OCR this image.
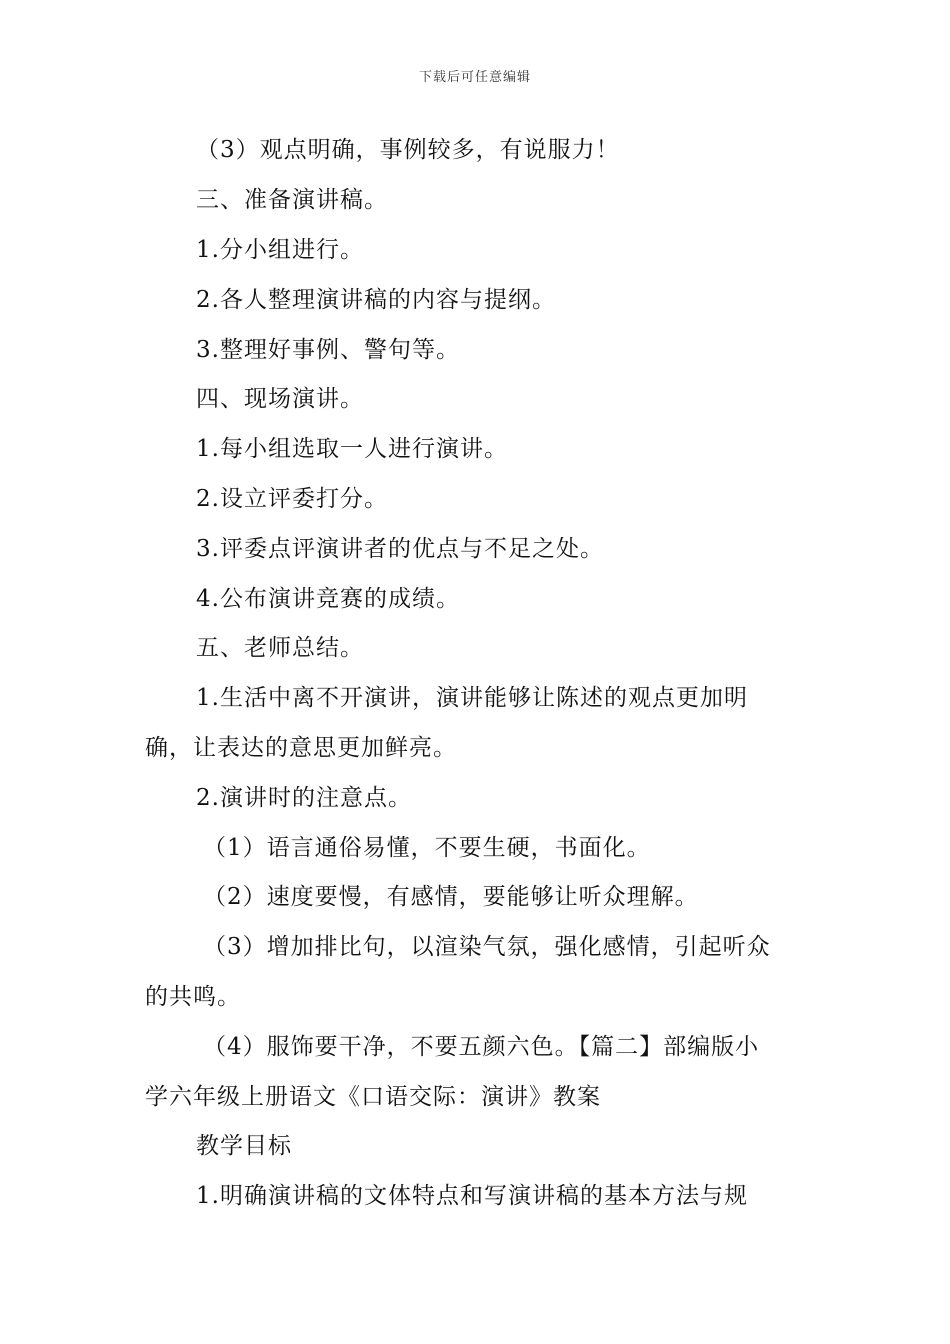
下载后可任意编辑
（3）观点明确，事例较多，有说服力！
三、准备演讲稿。
1.分小组进行。
2.各人整理演讲稿的内容与提纲。
3.整理好事例、警句等。
四、现场演讲。
1.每小组选取一人进行演讲。
2.设立评委打分。
3.评委点评演讲者的优点与不足之处。
4.公布演讲竞赛的成绩。
五、老师总结。
1.生活中离不开演讲，演讲能够让陈述的观点更加明
确，让表达的意思更加鲜亮。
2.演讲时的注意点。
（1）语言通俗易懂，不要生硬，书面化。
（2）速度要慢，有感情，要能够让听众理解。
（3）增加排比句，以渲染气氛，强化感情，引起听众
的共鸣。
（4）服饰要干净，不要五颜六色。【篇二】部编版小
学六年级上册语文《口语交际：演讲》教案
教学目标
1.明确演讲稿的文体特点和写演讲稿的基本方法与规
